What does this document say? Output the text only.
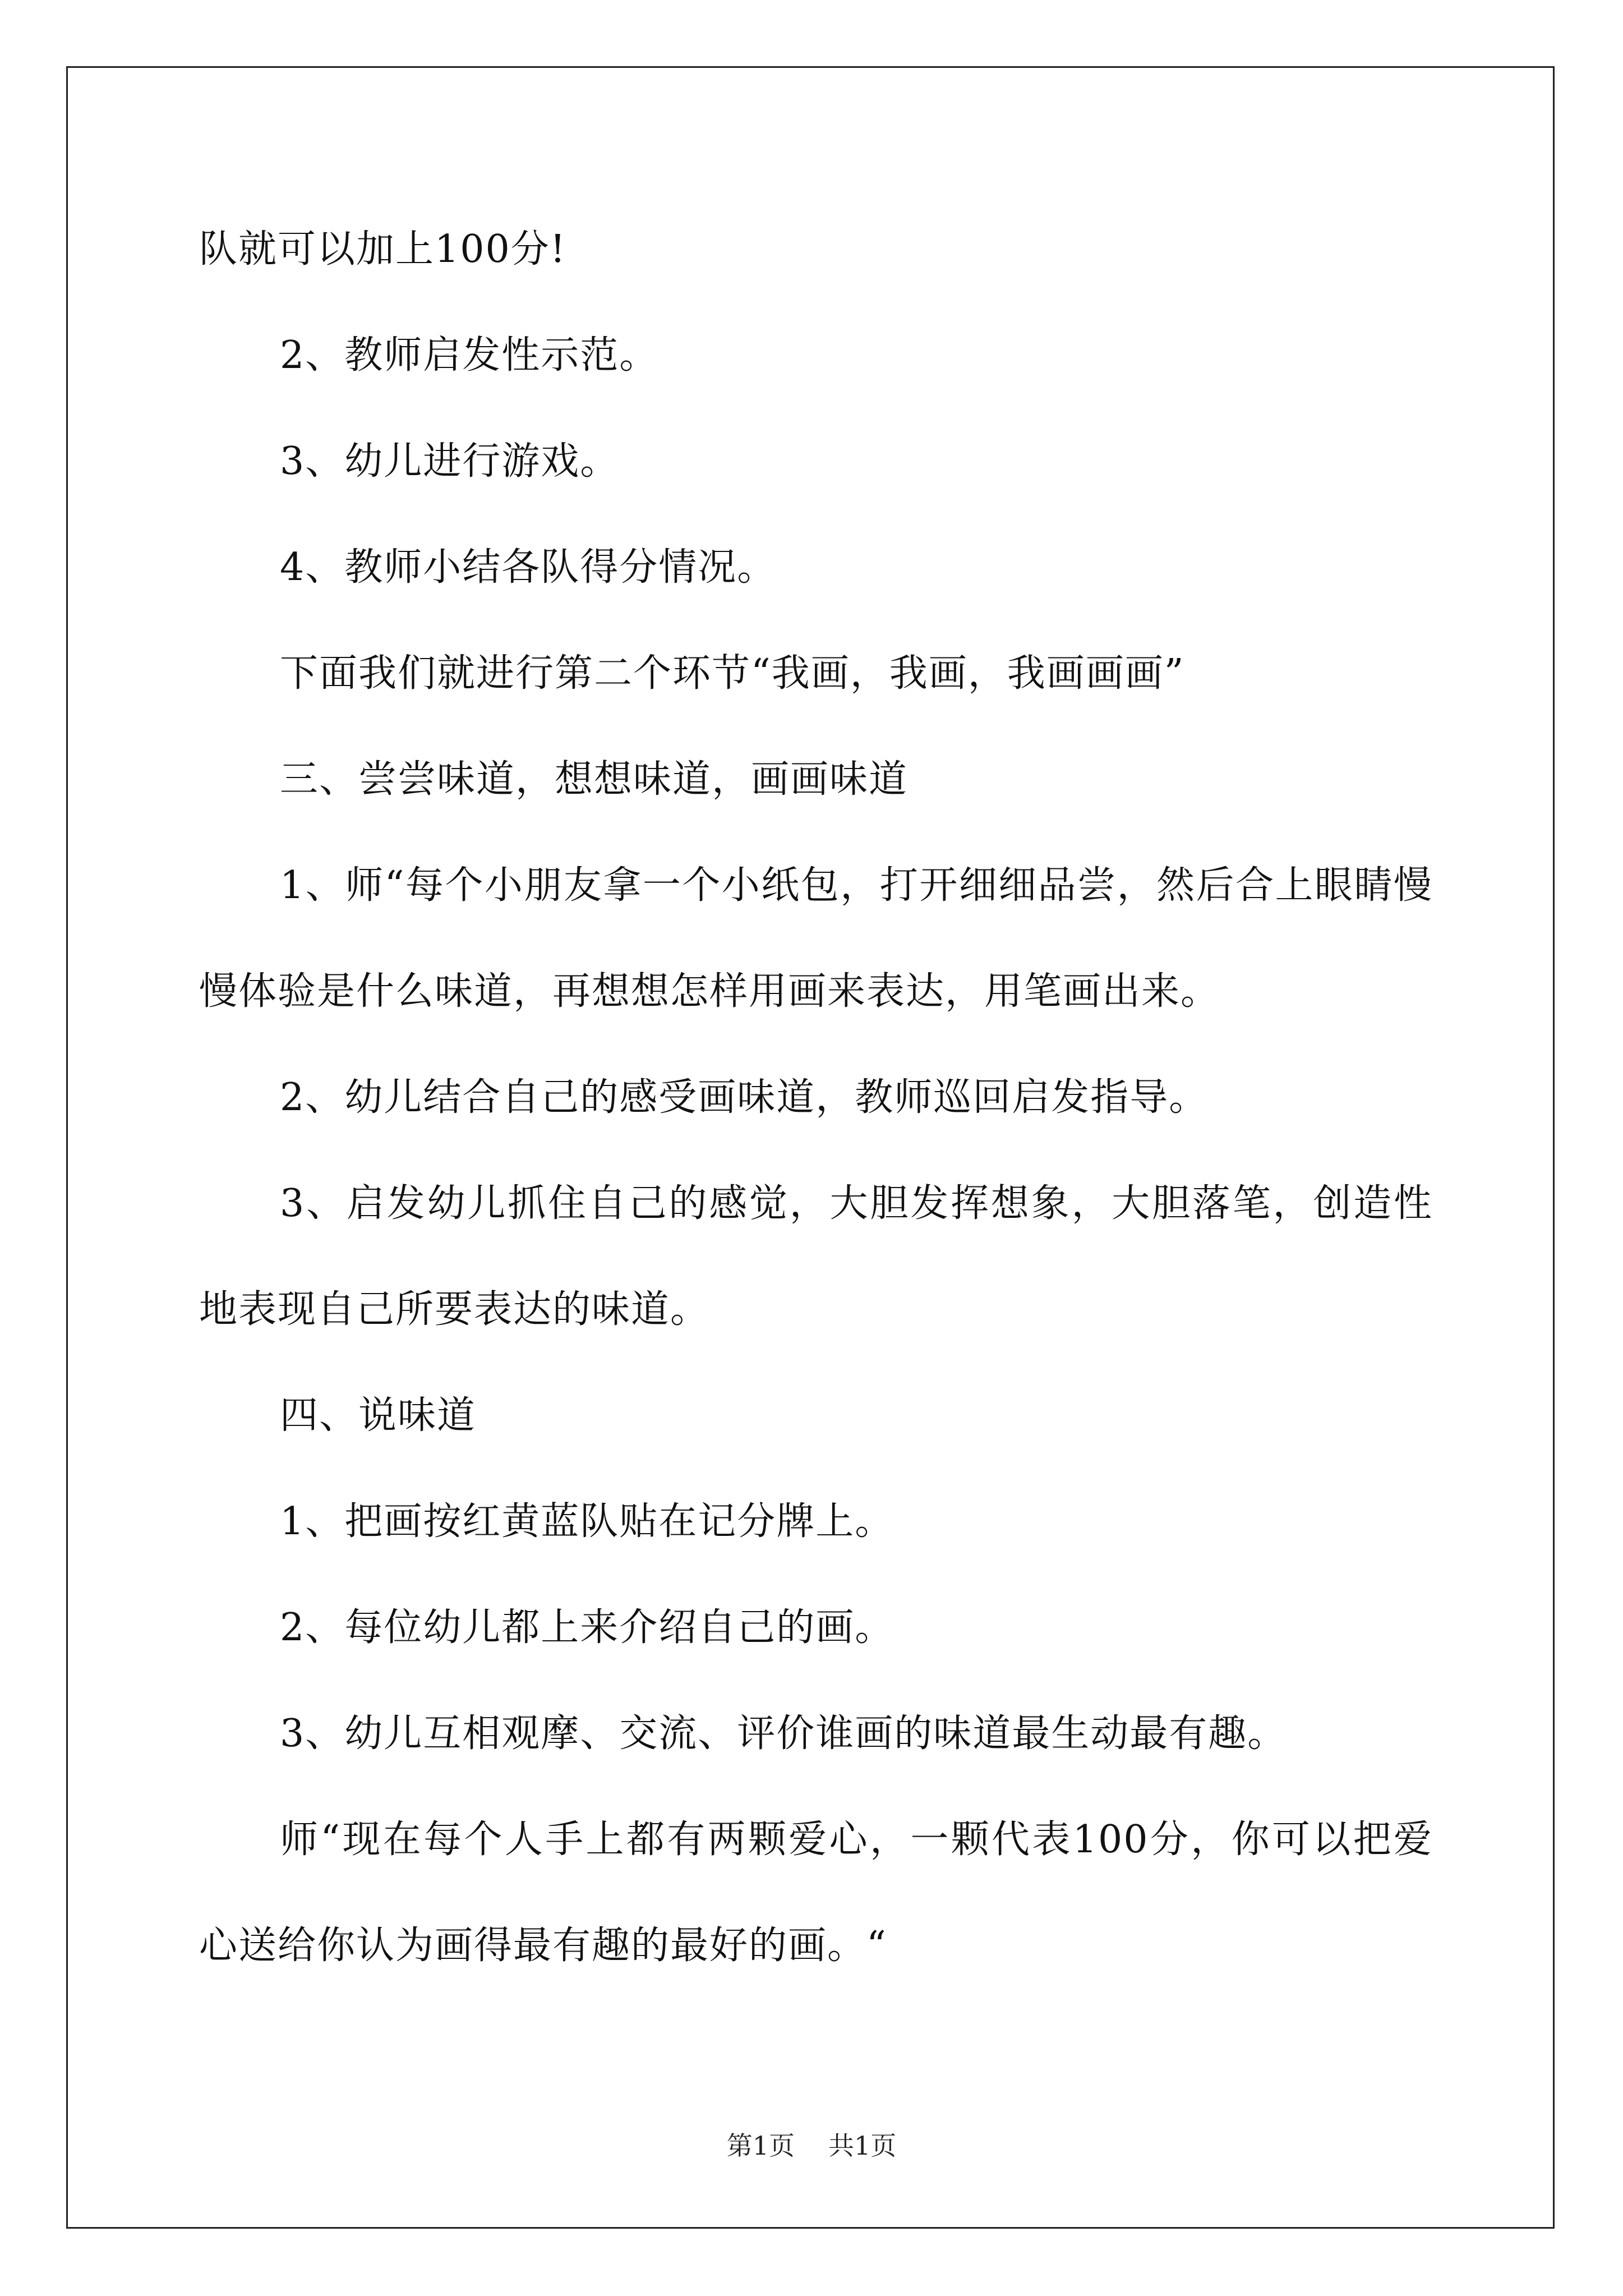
队就可以加上100分!

2、教师启发性示范。

3、幼儿进行游戏。

4、教师小结各队得分情况。

下面我们就进行第二个环节“我画，我画，我画画画”

三、尝尝味道，想想味道，画画味道

1、师“每个小朋友拿一个小纸包，打开细细品尝，然后合上眼睛慢慢体验是什么味道，再想想怎样用画来表达，用笔画出来。

2、幼儿结合自己的感受画味道，教师巡回启发指导。

3、启发幼儿抓住自己的感觉，大胆发挥想象，大胆落笔，创造性地表现自己所要表达的味道。

四、说味道

1、把画按红黄蓝队贴在记分牌上。

2、每位幼儿都上来介绍自己的画。

3、幼儿互相观摩、交流、评价谁画的味道最生动最有趣。

师“现在每个人手上都有两颗爱心，一颗代表100分，你可以把爱心送给你认为画得最有趣的最好的画。“

第1页 共1页
